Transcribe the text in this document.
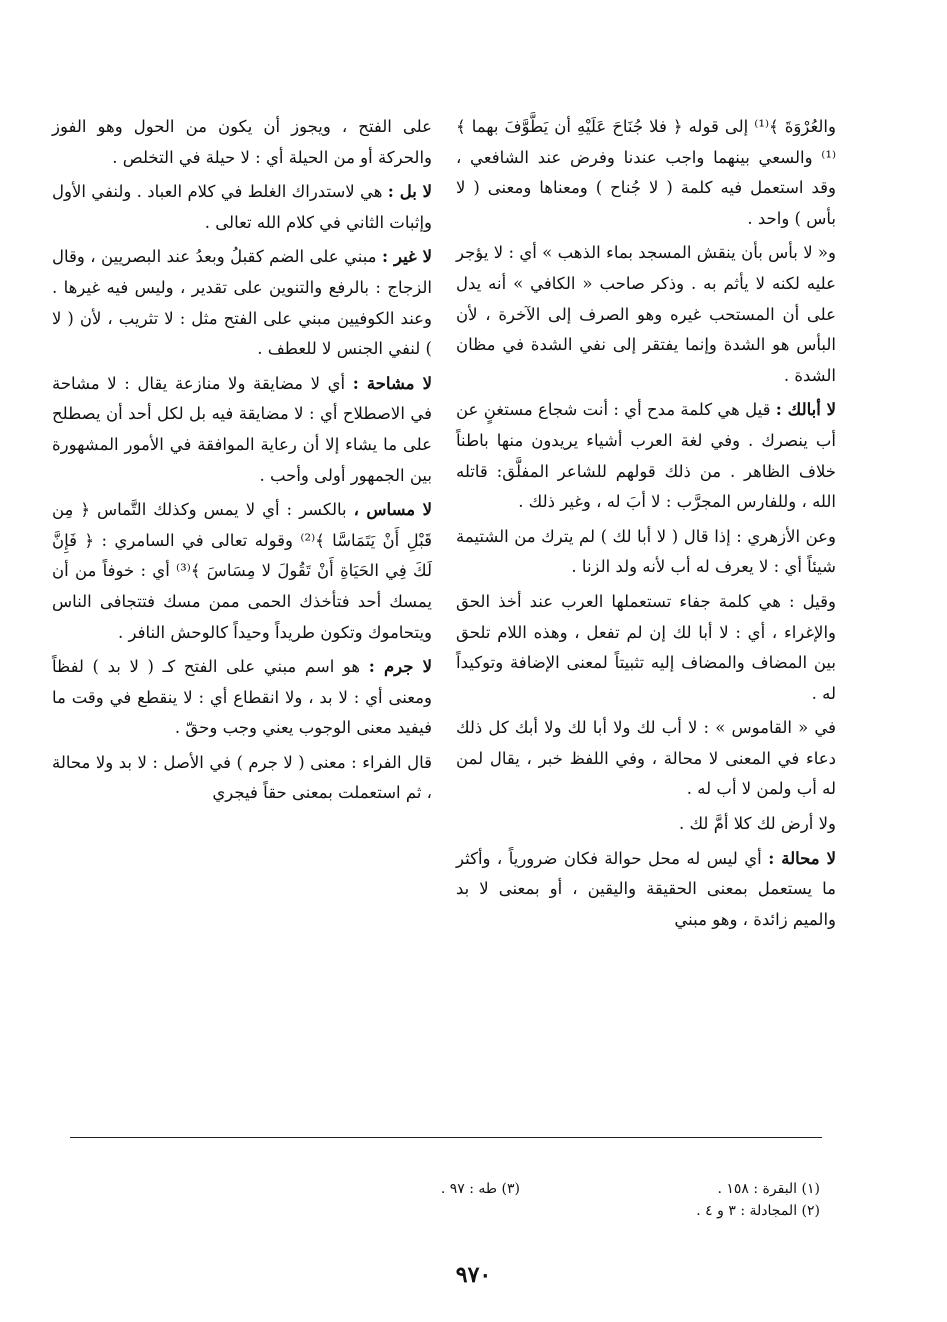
والعُرْوَةَ ﴾⁽¹⁾ إلى قوله ﴿ فلا جُنَاحَ عَلَيْهِ أن يَطَّوَّفَ بهما ﴾⁽¹⁾ والسعي بينهما واجب عندنا وفرض عند الشافعي ، وقد استعمل فيه كلمة ( لا جُناح ) ومعناها ومعنى ( لا بأس ) واحد .

و« لا بأس بأن ينقش المسجد بماء الذهب » أي : لا يؤجر عليه لكنه لا يأثم به . وذكر صاحب « الكافي » أنه يدل على أن المستحب غيره وهو الصرف إلى الآخرة ، لأن البأس هو الشدة وإنما يفتقر إلى نفي الشدة في مظان الشدة .

لا أبالك : قيل هي كلمة مدح أي : أنت شجاع مستغنٍ عن أب ينصرك . وفي لغة العرب أشياء يريدون منها باطناً خلاف الظاهر . من ذلك قولهم للشاعر المفلَّق: قاتله الله ، وللفارس المجرَّب : لا أبَ له ، وغير ذلك .

وعن الأزهري : إذا قال ( لا أبا لك ) لم يترك من الشتيمة شيئاً أي : لا يعرف له أب لأنه ولد الزنا .

وقيل : هي كلمة جفاء تستعملها العرب عند أخذ الحق والإغراء ، أي : لا أبا لك إن لم تفعل ، وهذه اللام تلحق بين المضاف والمضاف إليه تثبيتاً لمعنى الإضافة وتوكيداً له .

في « القاموس » : لا أب لك ولا أبا لك ولا أبك كل ذلك دعاء في المعنى لا محالة ، وفي اللفظ خبر ، يقال لمن له أب ولمن لا أب له .

ولا أرض لك كلا أمَّ لك .

لا محالة : أي ليس له محل حوالة فكان ضرورياً ، وأكثر ما يستعمل بمعنى الحقيقة واليقين ، أو بمعنى لا بد والميم زائدة ، وهو مبني

على الفتح ، ويجوز أن يكون من الحول وهو الفوز والحركة أو من الحيلة أي : لا حيلة في التخلص .

لا بل : هي لاستدراك الغلط في كلام العباد . ولنفي الأول وإثبات الثاني في كلام الله تعالى .

لا غير : مبني على الضم كقبلُ وبعدُ عند البصريين ، وقال الزجاج : بالرفع والتنوين على تقدير ، وليس فيه غيرها . وعند الكوفيين مبني على الفتح مثل : لا تثريب ، لأن ( لا ) لنفي الجنس لا للعطف .

لا مشاحة : أي لا مضايقة ولا منازعة يقال : لا مشاحة في الاصطلاح أي : لا مضايقة فيه بل لكل أحد أن يصطلح على ما يشاء إلا أن رعاية الموافقة في الأمور المشهورة بين الجمهور أولى وأحب .

لا مساس ، بالكسر : أي لا يمس وكذلك التَّماس ﴿ مِن قَبْلِ أَنْ يَتَمَاسَّا ﴾⁽²⁾ وقوله تعالى في السامري : ﴿ فَإِنَّ لَكَ فِي الحَيَاةِ أَنْ تَقُولَ لا مِسَاسَ ﴾⁽³⁾ أي : خوفاً من أن يمسك أحد فتأخذك الحمى ممن مسك فتتجافى الناس ويتحاموك وتكون طريداً وحيداً كالوحش النافر .

لا جرم : هو اسم مبني على الفتح كـ ( لا بد ) لفظاً ومعنى أي : لا بد ، ولا انقطاع أي : لا ينقطع في وقت ما فيفيد معنى الوجوب يعني وجب وحقّ .

قال الفراء : معنى ( لا جرم ) في الأصل : لا بد ولا محالة ، ثم استعملت بمعنى حقاً فيجري

(١) البقرة : ١٥٨ .
(٢) المجادلة : ٣ و ٤ .
(٣) طه : ٩٧ .
٩٧٠
